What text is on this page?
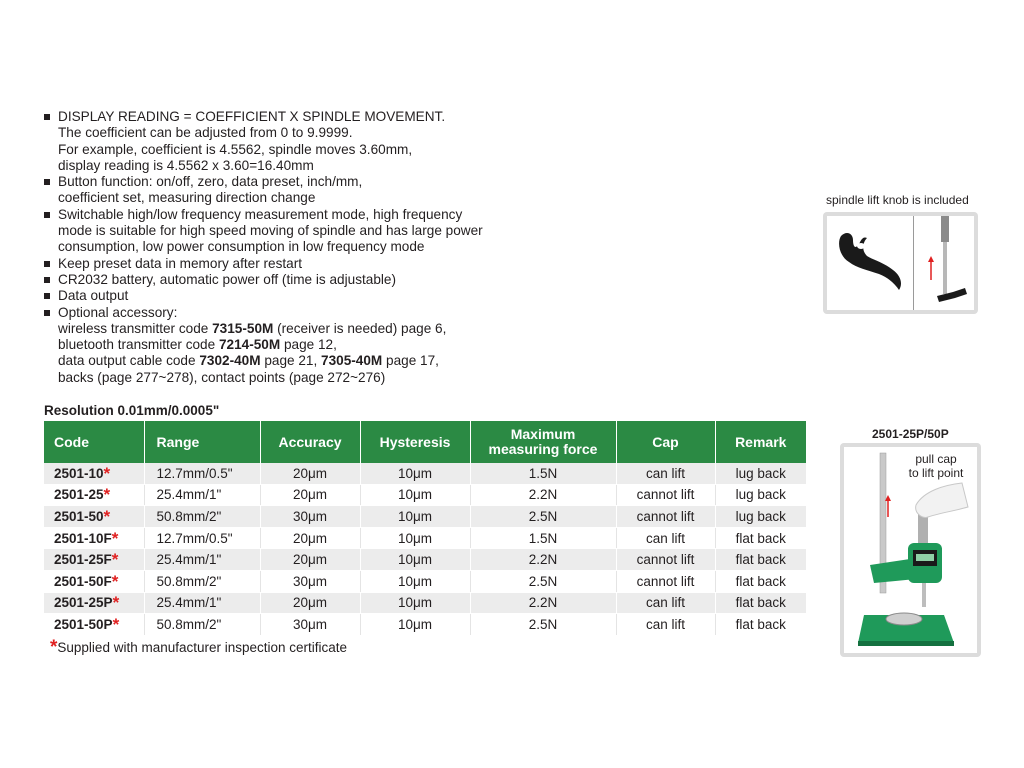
DISPLAY READING = COEFFICIENT X SPINDLE MOVEMENT.
The coefficient can be adjusted from 0 to 9.9999.
For example, coefficient is 4.5562, spindle moves 3.60mm,
display reading is 4.5562 x 3.60=16.40mm
Button function: on/off, zero, data preset, inch/mm,
coefficient set, measuring direction change
Switchable high/low frequency measurement mode, high frequency
mode is suitable for high speed moving of spindle and has large power
consumption, low power consumption in low frequency mode
Keep preset data in memory after restart
CR2032 battery, automatic power off (time is adjustable)
Data output
Optional accessory:
wireless transmitter code 7315-50M (receiver is needed) page 6,
bluetooth transmitter code 7214-50M page 12,
data output cable code 7302-40M page 21, 7305-40M page 17,
backs (page 277~278), contact points (page 272~276)
Resolution 0.01mm/0.0005"
Code	Range	Accuracy	Hysteresis	Maximum measuring force	Cap	Remark
2501-10*	12.7mm/0.5"	20μm	10μm	1.5N	can lift	lug back
2501-25*	25.4mm/1"	20μm	10μm	2.2N	cannot lift	lug back
2501-50*	50.8mm/2"	30μm	10μm	2.5N	cannot lift	lug back
2501-10F*	12.7mm/0.5"	20μm	10μm	1.5N	can lift	flat back
2501-25F*	25.4mm/1"	20μm	10μm	2.2N	cannot lift	flat back
2501-50F*	50.8mm/2"	30μm	10μm	2.5N	cannot lift	flat back
2501-25P*	25.4mm/1"	20μm	10μm	2.2N	can lift	flat back
2501-50P*	50.8mm/2"	30μm	10μm	2.5N	can lift	flat back
*Supplied with manufacturer inspection certificate
spindle lift knob is included
2501-25P/50P
pull cap
to lift point
